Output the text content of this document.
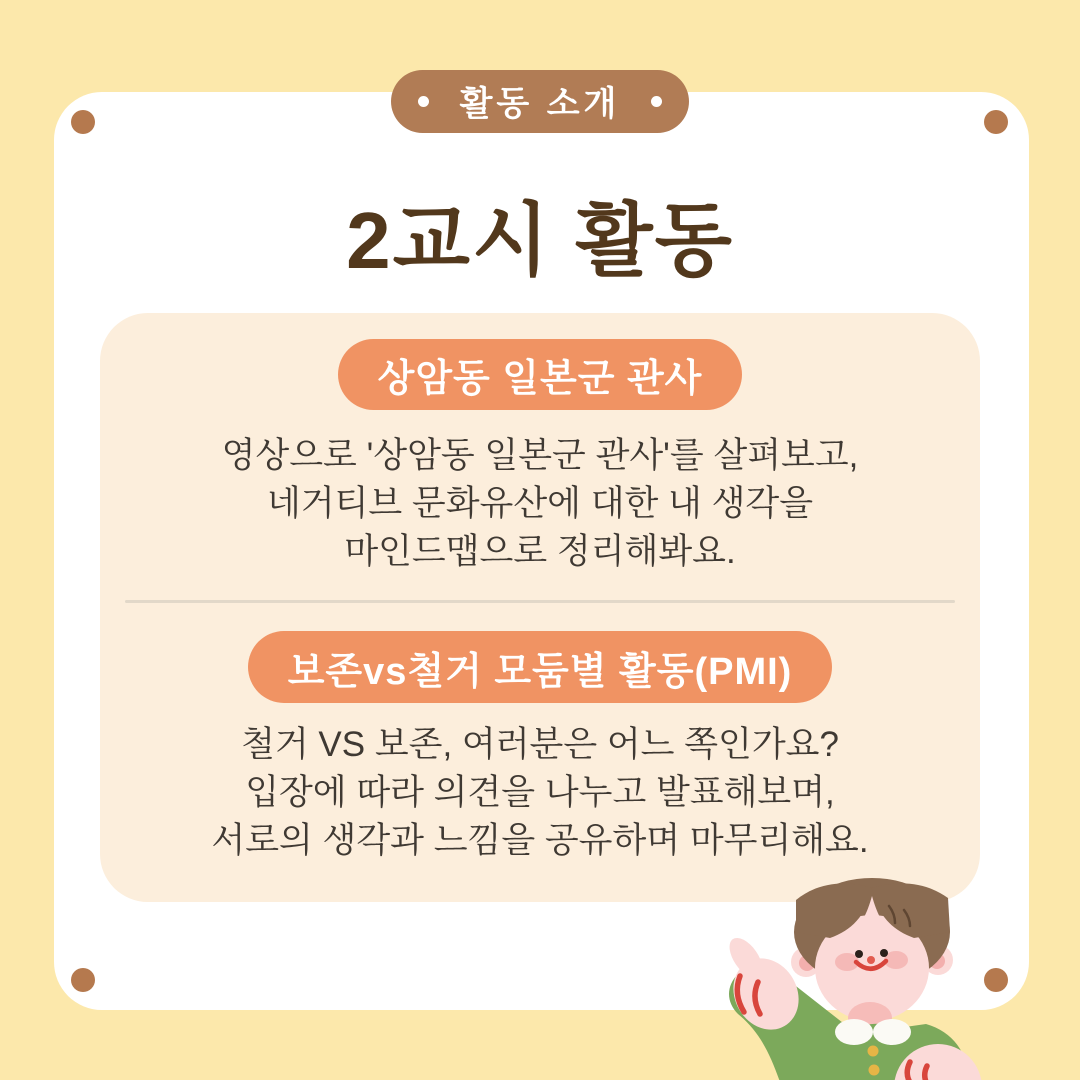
활동 소개
2교시 활동
상암동 일본군 관사
영상으로 '상암동 일본군 관사'를 살펴보고,
네거티브 문화유산에 대한 내 생각을
마인드맵으로 정리해봐요.
보존vs철거 모둠별 활동(PMI)
철거 VS 보존, 여러분은 어느 쪽인가요?
입장에 따라 의견을 나누고 발표해보며,
서로의 생각과 느낌을 공유하며 마무리해요.
